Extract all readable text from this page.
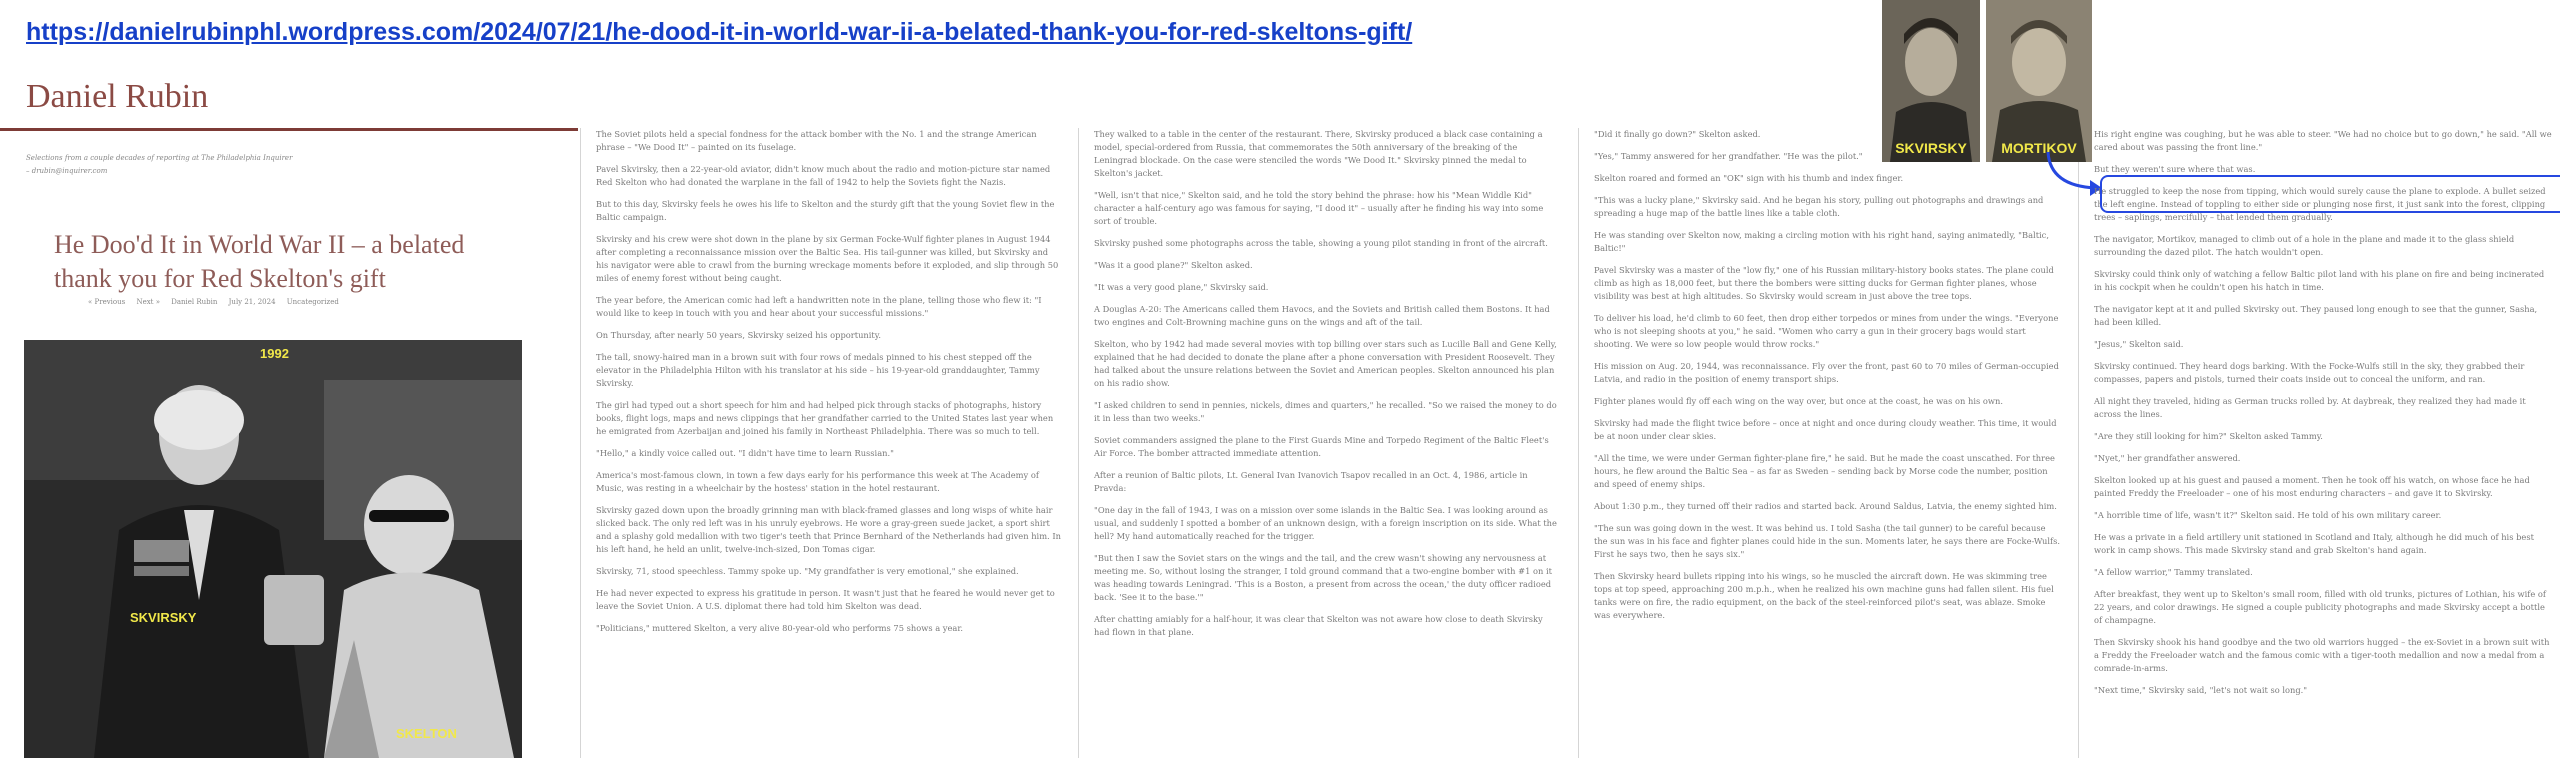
https://danielrubinphl.wordpress.com/2024/07/21/he-dood-it-in-world-war-ii-a-belated-thank-you-for-red-skeltons-gift/
Daniel Rubin
Selections from a couple decades of reporting at The Philadelphia Inquirer – drubin@inquirer.com
He Doo'd It in World War II – a belated thank you for Red Skelton's gift
« Previous Next » Daniel Rubin July 21, 2024 Uncategorized
1992
SKVIRSKY
SKELTON

The Soviet pilots held a special fondness for the attack bomber with the No. 1 and the strange American phrase – "We Dood It" – painted on its fuselage.

Pavel Skvirsky, then a 22-year-old aviator, didn't know much about the radio and motion-picture star named Red Skelton who had donated the warplane in the fall of 1942 to help the Soviets fight the Nazis.

But to this day, Skvirsky feels he owes his life to Skelton and the sturdy gift that the young Soviet flew in the Baltic campaign.

Skvirsky and his crew were shot down in the plane by six German Focke-Wulf fighter planes in August 1944 after completing a reconnaissance mission over the Baltic Sea. His tail-gunner was killed, but Skvirsky and his navigator were able to crawl from the burning wreckage moments before it exploded, and slip through 50 miles of enemy forest without being caught.

The year before, the American comic had left a handwritten note in the plane, telling those who flew it: "I would like to keep in touch with you and hear about your successful missions."

On Thursday, after nearly 50 years, Skvirsky seized his opportunity.

The tall, snowy-haired man in a brown suit with four rows of medals pinned to his chest stepped off the elevator in the Philadelphia Hilton with his translator at his side – his 19-year-old granddaughter, Tammy Skvirsky.

The girl had typed out a short speech for him and had helped pick through stacks of photographs, history books, flight logs, maps and news clippings that her grandfather carried to the United States last year when he emigrated from Azerbaijan and joined his family in Northeast Philadelphia. There was so much to tell.

"Hello," a kindly voice called out. "I didn't have time to learn Russian."

America's most-famous clown, in town a few days early for his performance this week at The Academy of Music, was resting in a wheelchair by the hostess' station in the hotel restaurant.

Skvirsky gazed down upon the broadly grinning man with black-framed glasses and long wisps of white hair slicked back. The only red left was in his unruly eyebrows. He wore a gray-green suede jacket, a sport shirt and a splashy gold medallion with two tiger's teeth that Prince Bernhard of the Netherlands had given him. In his left hand, he held an unlit, twelve-inch-sized, Don Tomas cigar.

Skvirsky, 71, stood speechless. Tammy spoke up. "My grandfather is very emotional," she explained.

He had never expected to express his gratitude in person. It wasn't just that he feared he would never get to leave the Soviet Union. A U.S. diplomat there had told him Skelton was dead.

"Politicians," muttered Skelton, a very alive 80-year-old who performs 75 shows a year.

They walked to a table in the center of the restaurant. There, Skvirsky produced a black case containing a model, special-ordered from Russia, that commemorates the 50th anniversary of the breaking of the Leningrad blockade. On the case were stenciled the words "We Dood It." Skvirsky pinned the medal to Skelton's jacket.

"Well, isn't that nice," Skelton said, and he told the story behind the phrase: how his "Mean Widdle Kid" character a half-century ago was famous for saying, "I dood it" – usually after he finding his way into some sort of trouble.

Skvirsky pushed some photographs across the table, showing a young pilot standing in front of the aircraft.

"Was it a good plane?" Skelton asked.

"It was a very good plane," Skvirsky said.

A Douglas A-20: The Americans called them Havocs, and the Soviets and British called them Bostons. It had two engines and Colt-Browning machine guns on the wings and aft of the tail.

Skelton, who by 1942 had made several movies with top billing over stars such as Lucille Ball and Gene Kelly, explained that he had decided to donate the plane after a phone conversation with President Roosevelt. They had talked about the unsure relations between the Soviet and American peoples. Skelton announced his plan on his radio show.

"I asked children to send in pennies, nickels, dimes and quarters," he recalled. "So we raised the money to do it in less than two weeks."

Soviet commanders assigned the plane to the First Guards Mine and Torpedo Regiment of the Baltic Fleet's Air Force. The bomber attracted immediate attention.

After a reunion of Baltic pilots, Lt. General Ivan Ivanovich Tsapov recalled in an Oct. 4, 1986, article in Pravda:

"One day in the fall of 1943, I was on a mission over some islands in the Baltic Sea. I was looking around as usual, and suddenly I spotted a bomber of an unknown design, with a foreign inscription on its side. What the hell? My hand automatically reached for the trigger.

"But then I saw the Soviet stars on the wings and the tail, and the crew wasn't showing any nervousness at meeting me. So, without losing the stranger, I told ground command that a two-engine bomber with #1 on it was heading towards Leningrad. 'This is a Boston, a present from across the ocean,' the duty officer radioed back. 'See it to the base.'"

After chatting amiably for a half-hour, it was clear that Skelton was not aware how close to death Skvirsky had flown in that plane.

"Did it finally go down?" Skelton asked.

"Yes," Tammy answered for her grandfather. "He was the pilot."

Skelton roared and formed an "OK" sign with his thumb and index finger.

"This was a lucky plane," Skvirsky said. And he began his story, pulling out photographs and drawings and spreading a huge map of the battle lines like a table cloth.

He was standing over Skelton now, making a circling motion with his right hand, saying animatedly, "Baltic, Baltic!"

Pavel Skvirsky was a master of the "low fly," one of his Russian military-history books states. The plane could climb as high as 18,000 feet, but there the bombers were sitting ducks for German fighter planes, whose visibility was best at high altitudes. So Skvirsky would scream in just above the tree tops.

To deliver his load, he'd climb to 60 feet, then drop either torpedos or mines from under the wings. "Everyone who is not sleeping shoots at you," he said. "Women who carry a gun in their grocery bags would start shooting. We were so low people would throw rocks."

His mission on Aug. 20, 1944, was reconnaissance. Fly over the front, past 60 to 70 miles of German-occupied Latvia, and radio in the position of enemy transport ships.

Fighter planes would fly off each wing on the way over, but once at the coast, he was on his own.

Skvirsky had made the flight twice before – once at night and once during cloudy weather. This time, it would be at noon under clear skies.

"All the time, we were under German fighter-plane fire," he said. But he made the coast unscathed. For three hours, he flew around the Baltic Sea – as far as Sweden – sending back by Morse code the number, position and speed of enemy ships.

About 1:30 p.m., they turned off their radios and started back. Around Saldus, Latvia, the enemy sighted him.

"The sun was going down in the west. It was behind us. I told Sasha (the tail gunner) to be careful because the sun was in his face and fighter planes could hide in the sun. Moments later, he says there are Focke-Wulfs. First he says two, then he says six."

Then Skvirsky heard bullets ripping into his wings, so he muscled the aircraft down. He was skimming tree tops at top speed, approaching 200 m.p.h., when he realized his own machine guns had fallen silent. His fuel tanks were on fire, the radio equipment, on the back of the steel-reinforced pilot's seat, was ablaze. Smoke was everywhere.

SKVIRSKY	MORTIKOV

His right engine was coughing, but he was able to steer. "We had no choice but to go down," he said. "All we cared about was passing the front line."

But they weren't sure where that was.

He struggled to keep the nose from tipping, which would surely cause the plane to explode. A bullet seized the left engine. Instead of toppling to either side or plunging nose first, it just sank into the forest, clipping trees – saplings, mercifully – that lended them gradually.

The navigator, Mortikov, managed to climb out of a hole in the plane and made it to the glass shield surrounding the dazed pilot. The hatch wouldn't open.

Skvirsky could think only of watching a fellow Baltic pilot land with his plane on fire and being incinerated in his cockpit when he couldn't open his hatch in time.

The navigator kept at it and pulled Skvirsky out. They paused long enough to see that the gunner, Sasha, had been killed.

"Jesus," Skelton said.

Skvirsky continued. They heard dogs barking. With the Focke-Wulfs still in the sky, they grabbed their compasses, papers and pistols, turned their coats inside out to conceal the uniform, and ran.

All night they traveled, hiding as German trucks rolled by. At daybreak, they realized they had made it across the lines.

"Are they still looking for him?" Skelton asked Tammy.

"Nyet," her grandfather answered.

Skelton looked up at his guest and paused a moment. Then he took off his watch, on whose face he had painted Freddy the Freeloader – one of his most enduring characters – and gave it to Skvirsky.

"A horrible time of life, wasn't it?" Skelton said. He told of his own military career.

He was a private in a field artillery unit stationed in Scotland and Italy, although he did much of his best work in camp shows. This made Skvirsky stand and grab Skelton's hand again.

"A fellow warrior," Tammy translated.

After breakfast, they went up to Skelton's small room, filled with old trunks, pictures of Lothian, his wife of 22 years, and color drawings. He signed a couple publicity photographs and made Skvirsky accept a bottle of champagne.

Then Skvirsky shook his hand goodbye and the two old warriors hugged – the ex-Soviet in a brown suit with a Freddy the Freeloader watch and the famous comic with a tiger-tooth medallion and now a medal from a comrade-in-arms.

"Next time," Skvirsky said, "let's not wait so long."
